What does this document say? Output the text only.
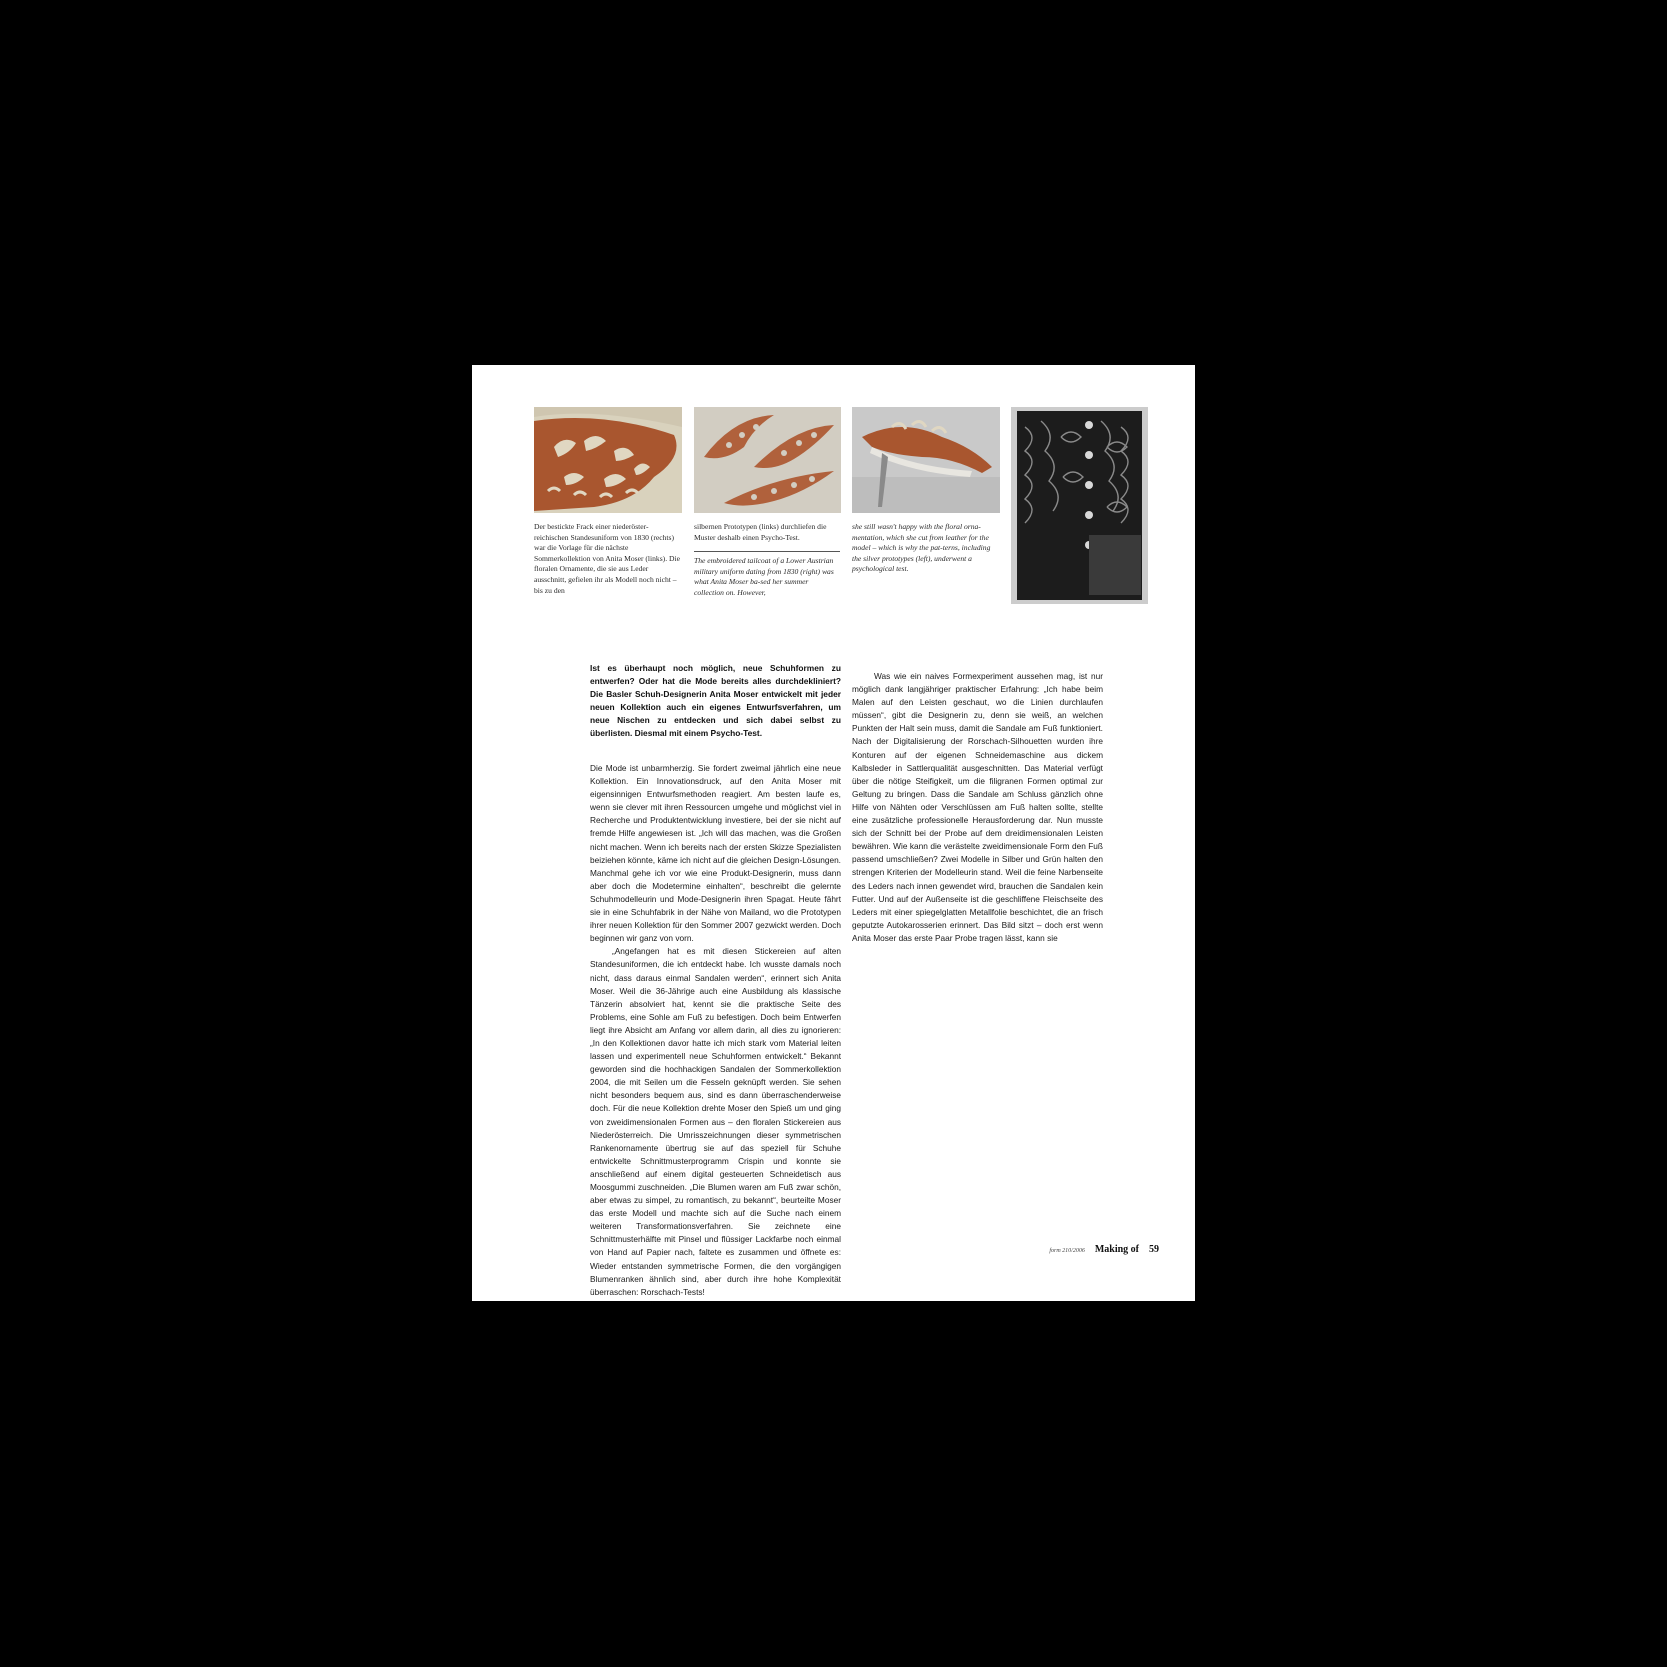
Der bestickte Frack einer niederöster-reichischen Standesuniform von 1830 (rechts) war die Vorlage für die nächste Sommerkollektion von Anita Moser (links). Die floralen Ornamente, die sie aus Leder ausschnitt, gefielen ihr als Modell noch nicht – bis zu den

silbernen Prototypen (links) durchliefen die Muster deshalb einen Psycho-Test.

The embroidered tailcoat of a Lower Austrian military uniform dating from 1830 (right) was what Anita Moser ba-sed her summer collection on. However,

she still wasn't happy with the floral orna-mentation, which she cut from leather for the model – which is why the pat-terns, including the silver prototypes (left), underwent a psychological test.

Ist es überhaupt noch möglich, neue Schuhformen zu entwerfen? Oder hat die Mode bereits alles durchdekliniert? Die Basler Schuh-Designerin Anita Moser entwickelt mit jeder neuen Kollektion auch ein eigenes Entwurfsverfahren, um neue Nischen zu entdecken und sich dabei selbst zu überlisten. Diesmal mit einem Psycho-Test.

Die Mode ist unbarmherzig. Sie fordert zweimal jährlich eine neue Kollektion. Ein Innovationsdruck, auf den Anita Moser mit eigensinnigen Entwurfsmethoden reagiert. Am besten laufe es, wenn sie clever mit ihren Ressourcen umgehe und möglichst viel in Recherche und Produktentwicklung investiere, bei der sie nicht auf fremde Hilfe angewiesen ist. „Ich will das machen, was die Großen nicht machen. Wenn ich bereits nach der ersten Skizze Spezialisten beiziehen könnte, käme ich nicht auf die gleichen Design-Lösungen. Manchmal gehe ich vor wie eine Produkt-Designerin, muss dann aber doch die Modetermine einhalten“, beschreibt die gelernte Schuhmodelleurin und Mode-Designerin ihren Spagat. Heute fährt sie in eine Schuhfabrik in der Nähe von Mailand, wo die Prototypen ihrer neuen Kollektion für den Sommer 2007 gezwickt werden. Doch beginnen wir ganz von vorn.

„Angefangen hat es mit diesen Stickereien auf alten Standesuniformen, die ich entdeckt habe. Ich wusste damals noch nicht, dass daraus einmal Sandalen werden“, erinnert sich Anita Moser. Weil die 36-Jährige auch eine Ausbildung als klassische Tänzerin absolviert hat, kennt sie die praktische Seite des Problems, eine Sohle am Fuß zu befestigen. Doch beim Entwerfen liegt ihre Absicht am Anfang vor allem darin, all dies zu ignorieren: „In den Kollektionen davor hatte ich mich stark vom Material leiten lassen und experimentell neue Schuhformen entwickelt.“ Bekannt geworden sind die hochhackigen Sandalen der Sommerkollektion 2004, die mit Seilen um die Fesseln geknüpft werden. Sie sehen nicht besonders bequem aus, sind es dann überraschenderweise doch. Für die neue Kollektion drehte Moser den Spieß um und ging von zweidimensionalen Formen aus – den floralen Stickereien aus Niederösterreich. Die Umrisszeichnungen dieser symmetrischen Rankenornamente übertrug sie auf das speziell für Schuhe entwickelte Schnittmusterprogramm Crispin und konnte sie anschließend auf einem digital gesteuerten Schneidetisch aus Moosgummi zuschneiden. „Die Blumen waren am Fuß zwar schön, aber etwas zu simpel, zu romantisch, zu bekannt“, beurteilte Moser das erste Modell und machte sich auf die Suche nach einem weiteren Transformationsverfahren. Sie zeichnete eine Schnittmusterhälfte mit Pinsel und flüssiger Lackfarbe noch einmal von Hand auf Papier nach, faltete es zusammen und öffnete es: Wieder entstanden symmetrische Formen, die den vorgängigen Blumenranken ähnlich sind, aber durch ihre hohe Komplexität überraschen: Rorschach-Tests!

Was wie ein naives Formexperiment aussehen mag, ist nur möglich dank langjähriger praktischer Erfahrung: „Ich habe beim Malen auf den Leisten geschaut, wo die Linien durchlaufen müssen“, gibt die Designerin zu, denn sie weiß, an welchen Punkten der Halt sein muss, damit die Sandale am Fuß funktioniert. Nach der Digitalisierung der Rorschach-Silhouetten wurden ihre Konturen auf der eigenen Schneidemaschine aus dickem Kalbsleder in Sattlerqualität ausgeschnitten. Das Material verfügt über die nötige Steifigkeit, um die filigranen Formen optimal zur Geltung zu bringen. Dass die Sandale am Schluss gänzlich ohne Hilfe von Nähten oder Verschlüssen am Fuß halten sollte, stellte eine zusätzliche professionelle Herausforderung dar. Nun musste sich der Schnitt bei der Probe auf dem dreidimensionalen Leisten bewähren. Wie kann die verästelte zweidimensionale Form den Fuß passend umschließen? Zwei Modelle in Silber und Grün halten den strengen Kriterien der Modelleurin stand. Weil die feine Narbenseite des Leders nach innen gewendet wird, brauchen die Sandalen kein Futter. Und auf der Außenseite ist die geschliffene Fleischseite des Leders mit einer spiegelglatten Metallfolie beschichtet, die an frisch geputzte Autokarosserien erinnert. Das Bild sitzt – doch erst wenn Anita Moser das erste Paar Probe tragen lässt, kann sie

form 210/2006 Making of 59
